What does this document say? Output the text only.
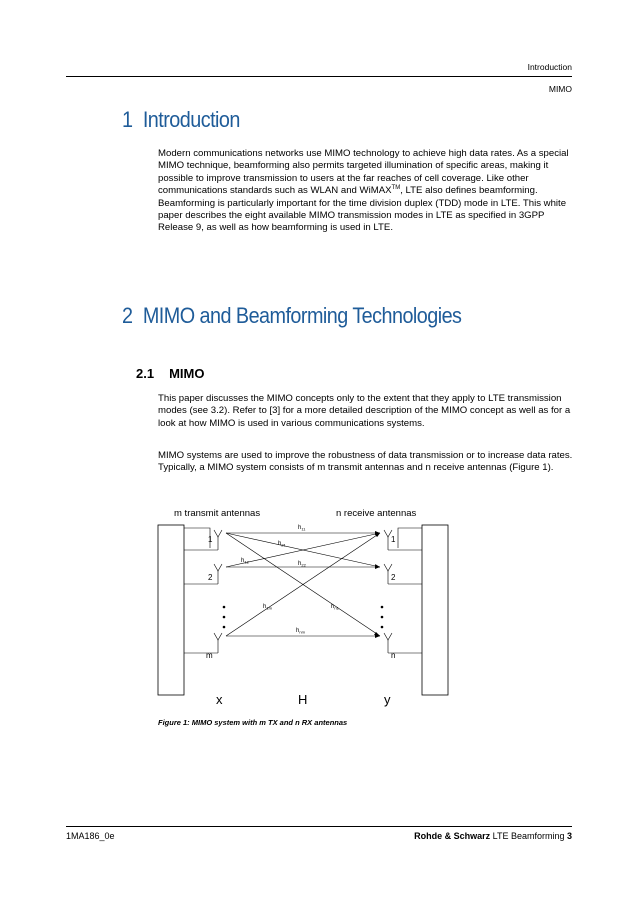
Introduction
MIMO
1 Introduction

Modern communications networks use MIMO technology to achieve high data rates. As a special MIMO technique, beamforming also permits targeted illumination of specific areas, making it possible to improve transmission to users at the far reaches of cell coverage. Like other communications standards such as WLAN and WiMAX™, LTE also defines beamforming. Beamforming is particularly important for the time division duplex (TDD) mode in LTE. This white paper describes the eight available MIMO transmission modes in LTE as specified in 3GPP Release 9, as well as how beamforming is used in LTE.

2 MIMO and Beamforming Technologies
2.1 MIMO

This paper discusses the MIMO concepts only to the extent that they apply to LTE transmission modes (see 3.2). Refer to [3] for a more detailed description of the MIMO concept as well as for a look at how MIMO is used in various communications systems.

MIMO systems are used to improve the robustness of data transmission or to increase data rates. Typically, a MIMO system consists of m transmit antennas and n receive antennas (Figure 1).

m transmit antennas	n receive antennas
1
2
m
1
2
n
$h_{11}$
$h_{21}$
$h_{12}$	$h_{22}$
$h_{1m}$	$h_{n1}$
$h_{nm}$
x	H	y
Figure 1: MIMO system with m TX and n RX antennas
1MA186_0e	Rohde & Schwarz LTE Beamforming 3
